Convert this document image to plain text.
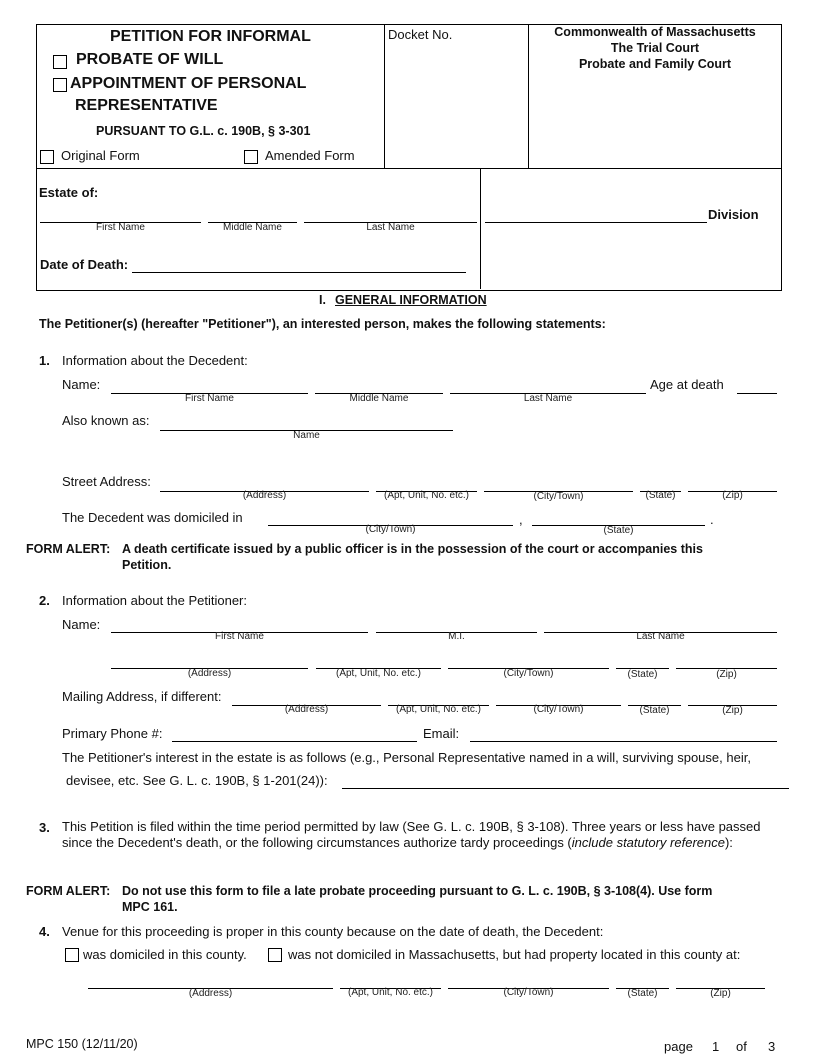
PETITION FOR INFORMAL
PROBATE OF WILL
APPOINTMENT OF PERSONAL
REPRESENTATIVE
PURSUANT TO G.L. c. 190B, § 3-301
Original Form	Amended Form
Docket No.	Commonwealth of Massachusetts
The Trial Court
Probate and Family Court
Estate of:
First Name	Middle Name	Last Name
Division
Date of Death:
I. GENERAL INFORMATION
The Petitioner(s) (hereafter "Petitioner"), an interested person, makes the following statements:
1. Information about the Decedent:
Name:
First Name	Middle Name	Last Name
Age at death
Also known as:
Name
Street Address:
(Address)	(Apt, Unit, No. etc.)	(City/Town)	(State)	(Zip)
The Decedent was domiciled in
(City/Town)
,
(State)
.
FORM ALERT: A death certificate issued by a public officer is in the possession of the court or accompanies this
Petition.
2. Information about the Petitioner:
Name:
First Name	M.I.	Last Name
(Address)	(Apt, Unit, No. etc.)	(City/Town)	(State)	(Zip)
Mailing Address, if different:
(Address)	(Apt, Unit, No. etc.)	(City/Town)	(State)	(Zip)
Primary Phone #:	Email:
The Petitioner's interest in the estate is as follows (e.g., Personal Representative named in a will, surviving spouse, heir,
devisee, etc. See G. L. c. 190B, § 1-201(24)):
3. This Petition is filed within the time period permitted by law (See G. L. c. 190B, § 3-108). Three years or less have passed
since the Decedent's death, or the following circumstances authorize tardy proceedings (include statutory reference):
FORM ALERT: Do not use this form to file a late probate proceeding pursuant to G. L. c. 190B, § 3-108(4). Use form
MPC 161.
4. Venue for this proceeding is proper in this county because on the date of death, the Decedent:
was domiciled in this county.	was not domiciled in Massachusetts, but had property located in this county at:
(Address)	(Apt, Unit, No. etc.)	(City/Town)	(State)	(Zip)
MPC 150 (12/11/20)	page 1 of 3
